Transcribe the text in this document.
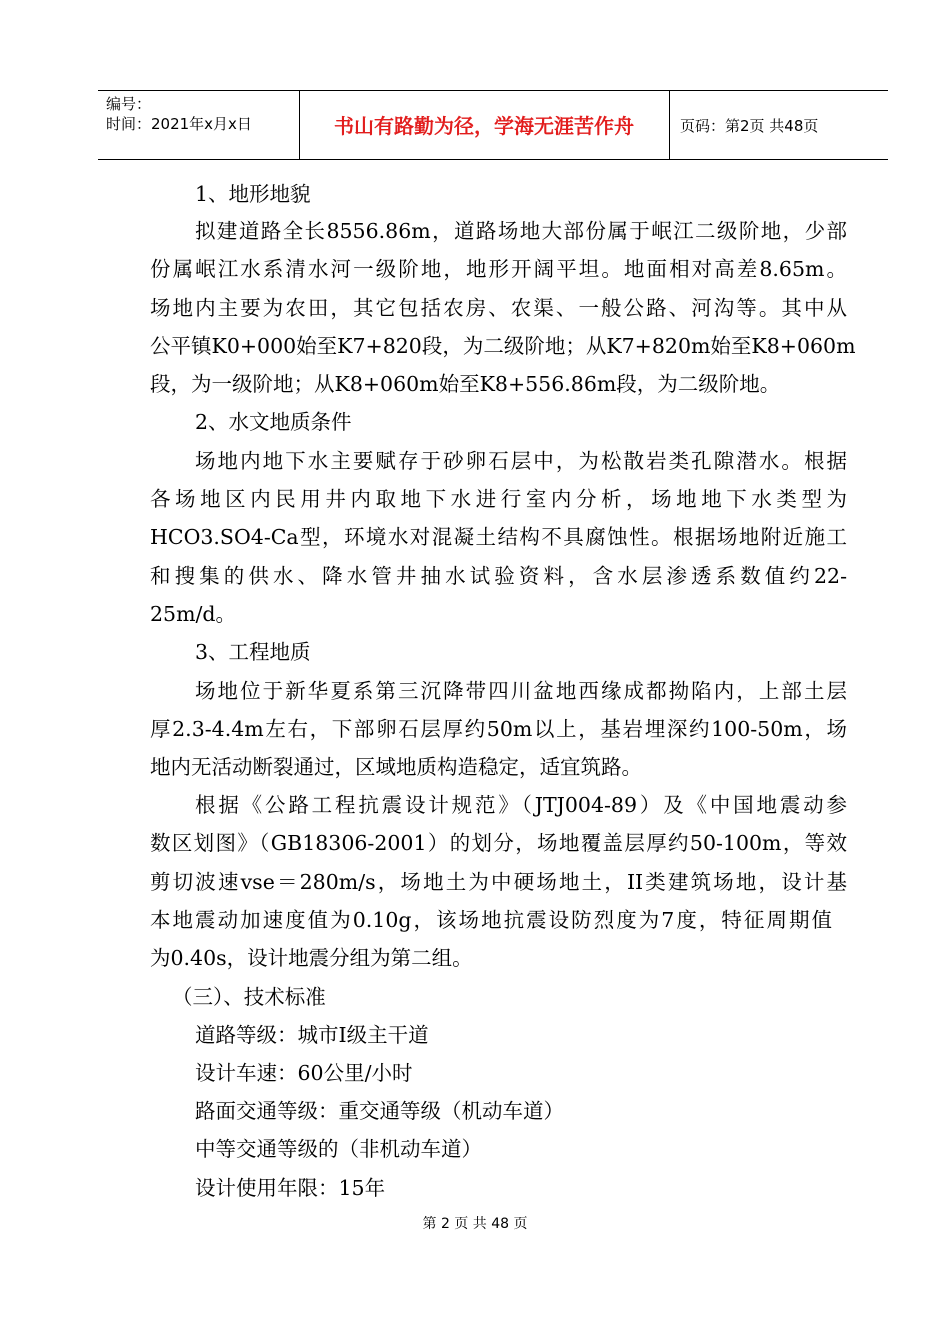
编号：
时间：2021年x月x日	书山有路勤为径，学海无涯苦作舟	页码：第2页 共48页
1、地形地貌
拟建道路全长8556.86m，道路场地大部份属于岷江二级阶地，少部
份属岷江水系清水河一级阶地，地形开阔平坦。地面相对高差8.65m。
场地内主要为农田，其它包括农房、农渠、一般公路、河沟等。其中从
公平镇K0+000始至K7+820段，为二级阶地；从K7+820m始至K8+060m
段，为一级阶地；从K8+060m始至K8+556.86m段，为二级阶地。
2、水文地质条件
场地内地下水主要赋存于砂卵石层中，为松散岩类孔隙潜水。根据
各场地区内民用井内取地下水进行室内分析，场地地下水类型为
HCO3.SO4-Ca型，环境水对混凝土结构不具腐蚀性。根据场地附近施工
和搜集的供水、降水管井抽水试验资料，含水层渗透系数值约22-
25m/d。
3、工程地质
场地位于新华夏系第三沉降带四川盆地西缘成都拗陷内，上部土层
厚2.3-4.4m左右，下部卵石层厚约50m以上，基岩埋深约100-50m，场
地内无活动断裂通过，区域地质构造稳定，适宜筑路。
根据《公路工程抗震设计规范》（JTJ004-89）及《中国地震动参
数区划图》（GB18306-2001）的划分，场地覆盖层厚约50-100m，等效
剪切波速vse＝280m/s，场地土为中硬场地土，II类建筑场地，设计基
本地震动加速度值为0.10g，该场地抗震设防烈度为7度，特征周期值
为0.40s，设计地震分组为第二组。
（三）、技术标准
道路等级：城市Ⅰ级主干道
设计车速：60公里/小时
路面交通等级：重交通等级（机动车道）
中等交通等级的（非机动车道）
设计使用年限：15年
第 2 页 共 48 页
